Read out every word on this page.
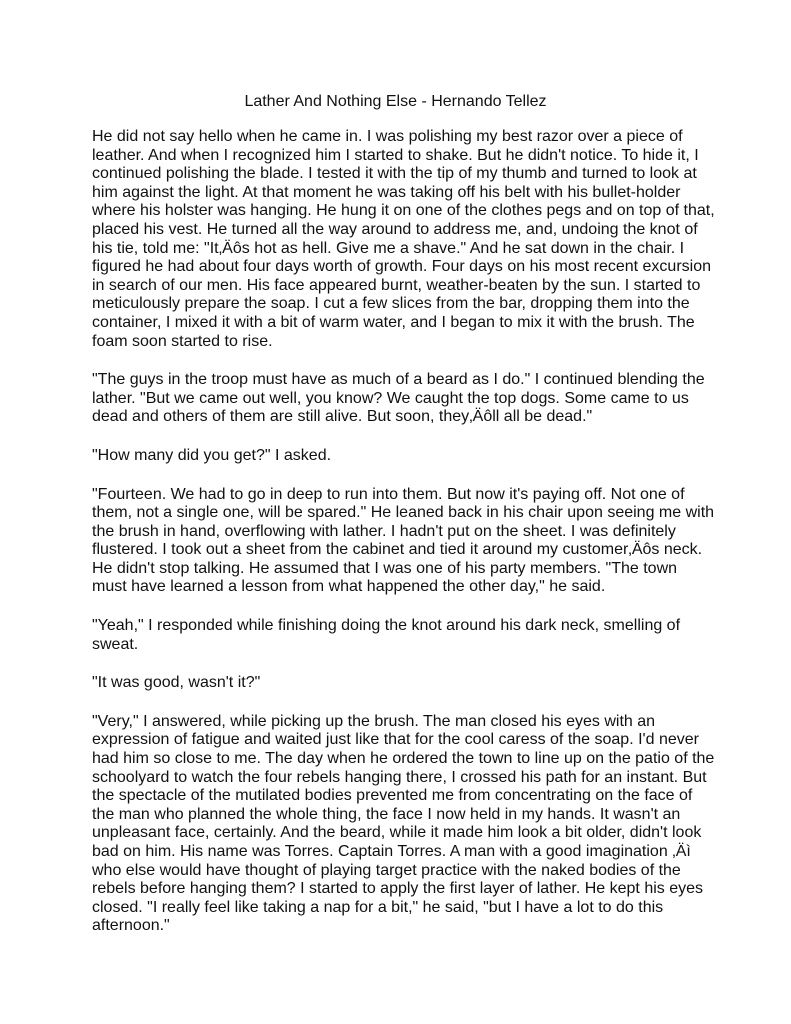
Lather And Nothing Else - Hernando Tellez

He did not say hello when he came in. I was polishing my best razor over a piece of
leather. And when I recognized him I started to shake. But he didn't notice. To hide it, I
continued polishing the blade. I tested it with the tip of my thumb and turned to look at
him against the light. At that moment he was taking off his belt with his bullet-holder
where his holster was hanging. He hung it on one of the clothes pegs and on top of that,
placed his vest. He turned all the way around to address me, and, undoing the knot of
his tie, told me: "It‚Äôs hot as hell. Give me a shave." And he sat down in the chair. I
figured he had about four days worth of growth. Four days on his most recent excursion
in search of our men. His face appeared burnt, weather-beaten by the sun. I started to
meticulously prepare the soap. I cut a few slices from the bar, dropping them into the
container, I mixed it with a bit of warm water, and I began to mix it with the brush. The
foam soon started to rise.

"The guys in the troop must have as much of a beard as I do." I continued blending the
lather. "But we came out well, you know? We caught the top dogs. Some came to us
dead and others of them are still alive. But soon, they‚Äôll all be dead."

"How many did you get?" I asked.

"Fourteen. We had to go in deep to run into them. But now it's paying off. Not one of
them, not a single one, will be spared." He leaned back in his chair upon seeing me with
the brush in hand, overflowing with lather. I hadn't put on the sheet. I was definitely
flustered. I took out a sheet from the cabinet and tied it around my customer‚Äôs neck.
He didn't stop talking. He assumed that I was one of his party members. "The town
must have learned a lesson from what happened the other day," he said.

"Yeah," I responded while finishing doing the knot around his dark neck, smelling of
sweat.

"It was good, wasn't it?"

"Very," I answered, while picking up the brush. The man closed his eyes with an
expression of fatigue and waited just like that for the cool caress of the soap. I'd never
had him so close to me. The day when he ordered the town to line up on the patio of the
schoolyard to watch the four rebels hanging there, I crossed his path for an instant. But
the spectacle of the mutilated bodies prevented me from concentrating on the face of
the man who planned the whole thing, the face I now held in my hands. It wasn't an
unpleasant face, certainly. And the beard, while it made him look a bit older, didn't look
bad on him. His name was Torres. Captain Torres. A man with a good imagination ‚Äì
who else would have thought of playing target practice with the naked bodies of the
rebels before hanging them? I started to apply the first layer of lather. He kept his eyes
closed. "I really feel like taking a nap for a bit," he said, "but I have a lot to do this
afternoon."
